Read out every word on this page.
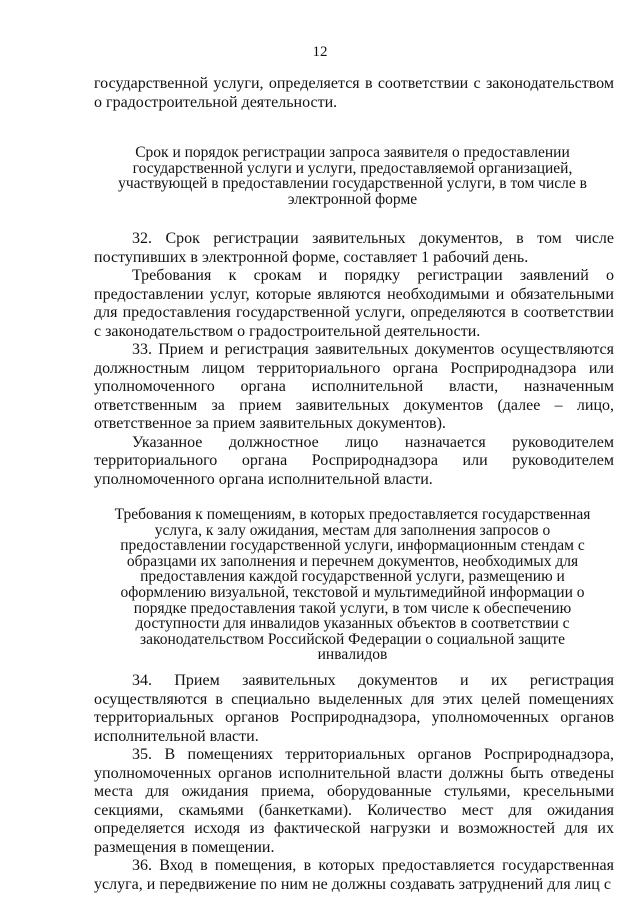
12

государственной услуги, определяется в соответствии с законодательством о градостроительной деятельности.

Срок и порядок регистрации запроса заявителя о предоставлении государственной услуги и услуги, предоставляемой организацией, участвующей в предоставлении государственной услуги, в том числе в электронной форме

32. Срок регистрации заявительных документов, в том числе поступивших в электронной форме, составляет 1 рабочий день.

Требования к срокам и порядку регистрации заявлений о предоставлении услуг, которые являются необходимыми и обязательными для предоставления государственной услуги, определяются в соответствии с законодательством о градостроительной деятельности.

33. Прием и регистрация заявительных документов осуществляются должностным лицом территориального органа Росприроднадзора или уполномоченного органа исполнительной власти, назначенным ответственным за прием заявительных документов (далее – лицо, ответственное за прием заявительных документов).

Указанное должностное лицо назначается руководителем территориального органа Росприроднадзора или руководителем уполномоченного органа исполнительной власти.

Требования к помещениям, в которых предоставляется государственная услуга, к залу ожидания, местам для заполнения запросов о предоставлении государственной услуги, информационным стендам с образцами их заполнения и перечнем документов, необходимых для предоставления каждой государственной услуги, размещению и оформлению визуальной, текстовой и мультимедийной информации о порядке предоставления такой услуги, в том числе к обеспечению доступности для инвалидов указанных объектов в соответствии с законодательством Российской Федерации о социальной защите инвалидов

34. Прием заявительных документов и их регистрация осуществляются в специально выделенных для этих целей помещениях территориальных органов Росприроднадзора, уполномоченных органов исполнительной власти.

35. В помещениях территориальных органов Росприроднадзора, уполномоченных органов исполнительной власти должны быть отведены места для ожидания приема, оборудованные стульями, кресельными секциями, скамьями (банкетками). Количество мест для ожидания определяется исходя из фактической нагрузки и возможностей для их размещения в помещении.

36. Вход в помещения, в которых предоставляется государственная услуга, и передвижение по ним не должны создавать затруднений для лиц с
